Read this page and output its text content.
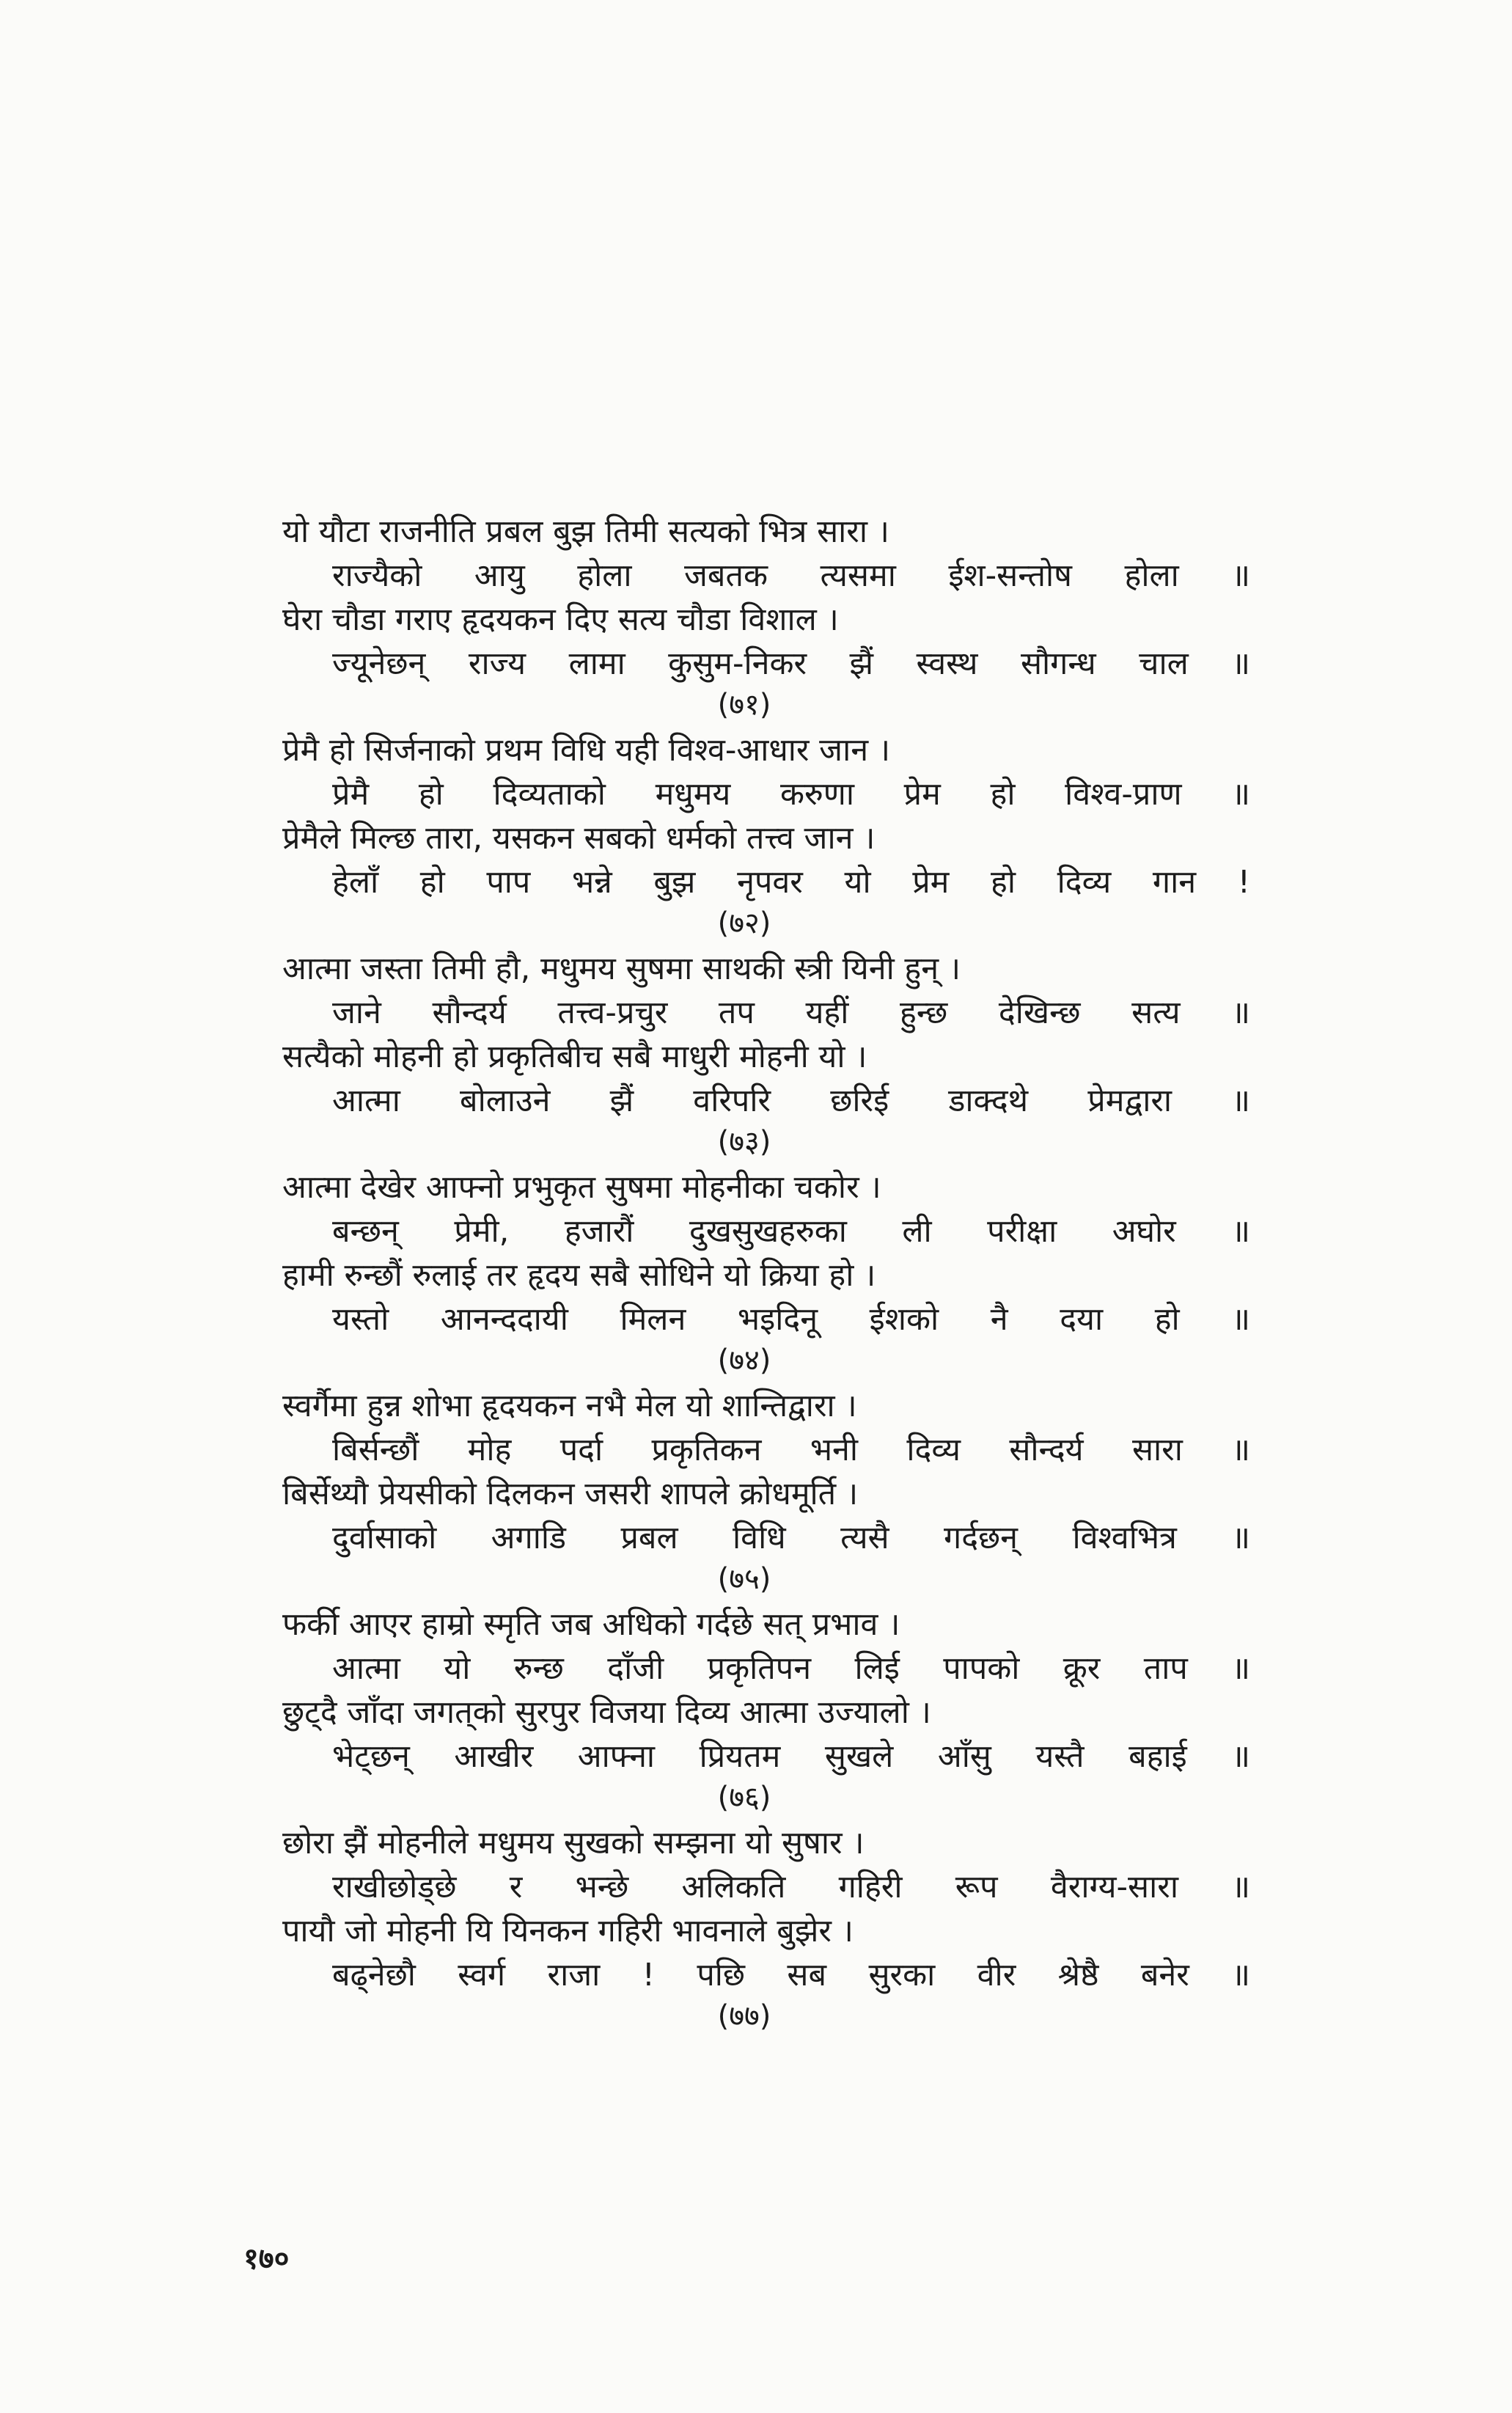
यो यौटा राजनीति प्रबल बुझ तिमी सत्यको भित्र सारा ।
राज्यैको आयु होला जबतक त्यसमा ईश-सन्तोष होला ॥
घेरा चौडा गराए हृदयकन दिए सत्य चौडा विशाल ।
ज्यूनेछन् राज्य लामा कुसुम-निकर झैं स्वस्थ सौगन्ध चाल ॥
(७१)
प्रेमै हो सिर्जनाको प्रथम विधि यही विश्व-आधार जान ।
प्रेमै हो दिव्यताको मधुमय करुणा प्रेम हो विश्व-प्राण ॥
प्रेमैले मिल्छ तारा, यसकन सबको धर्मको तत्त्व जान ।
हेलाँ हो पाप भन्ने बुझ नृपवर यो प्रेम हो दिव्य गान !
(७२)
आत्मा जस्ता तिमी हौ, मधुमय सुषमा साथकी स्त्री यिनी हुन् ।
जाने सौन्दर्य तत्त्व-प्रचुर तप यहीं हुन्छ देखिन्छ सत्य ॥
सत्यैको मोहनी हो प्रकृतिबीच सबै माधुरी मोहनी यो ।
आत्मा बोलाउने झैं वरिपरि छरिई डाक्दथे प्रेमद्वारा ॥
(७३)
आत्मा देखेर आफ्नो प्रभुकृत सुषमा मोहनीका चकोर ।
बन्छन् प्रेमी, हजारौं दुखसुखहरुका ली परीक्षा अघोर ॥
हामी रुन्छौं रुलाई तर हृदय सबै सोधिने यो क्रिया हो ।
यस्तो आनन्ददायी मिलन भइदिनू ईशको नै दया हो ॥
(७४)
स्वर्गैमा हुन्न शोभा हृदयकन नभै मेल यो शान्तिद्वारा ।
बिर्सन्छौं मोह पर्दा प्रकृतिकन भनी दिव्य सौन्दर्य सारा ॥
बिर्सेथ्यौ प्रेयसीको दिलकन जसरी शापले क्रोधमूर्ति ।
दुर्वासाको अगाडि प्रबल विधि त्यसै गर्दछन् विश्वभित्र ॥
(७५)
फर्की आएर हाम्रो स्मृति जब अधिको गर्दछे सत् प्रभाव ।
आत्मा यो रुन्छ दाँजी प्रकृतिपन लिई पापको क्रूर ताप ॥
छुट्दै जाँदा जगत्‌को सुरपुर विजया दिव्य आत्मा उज्यालो ।
भेट्छन् आखीर आफ्ना प्रियतम सुखले आँसु यस्तै बहाई ॥
(७६)
छोरा झैं मोहनीले मधुमय सुखको सम्झना यो सुषार ।
राखीछोड्छे र भन्छे अलिकति गहिरी रूप वैराग्य-सारा ॥
पायौ जो मोहनी यि यिनकन गहिरी भावनाले बुझेर ।
बढ्नेछौ स्वर्ग राजा ! पछि सब सुरका वीर श्रेष्ठै बनेर ॥
(७७)
१७०
